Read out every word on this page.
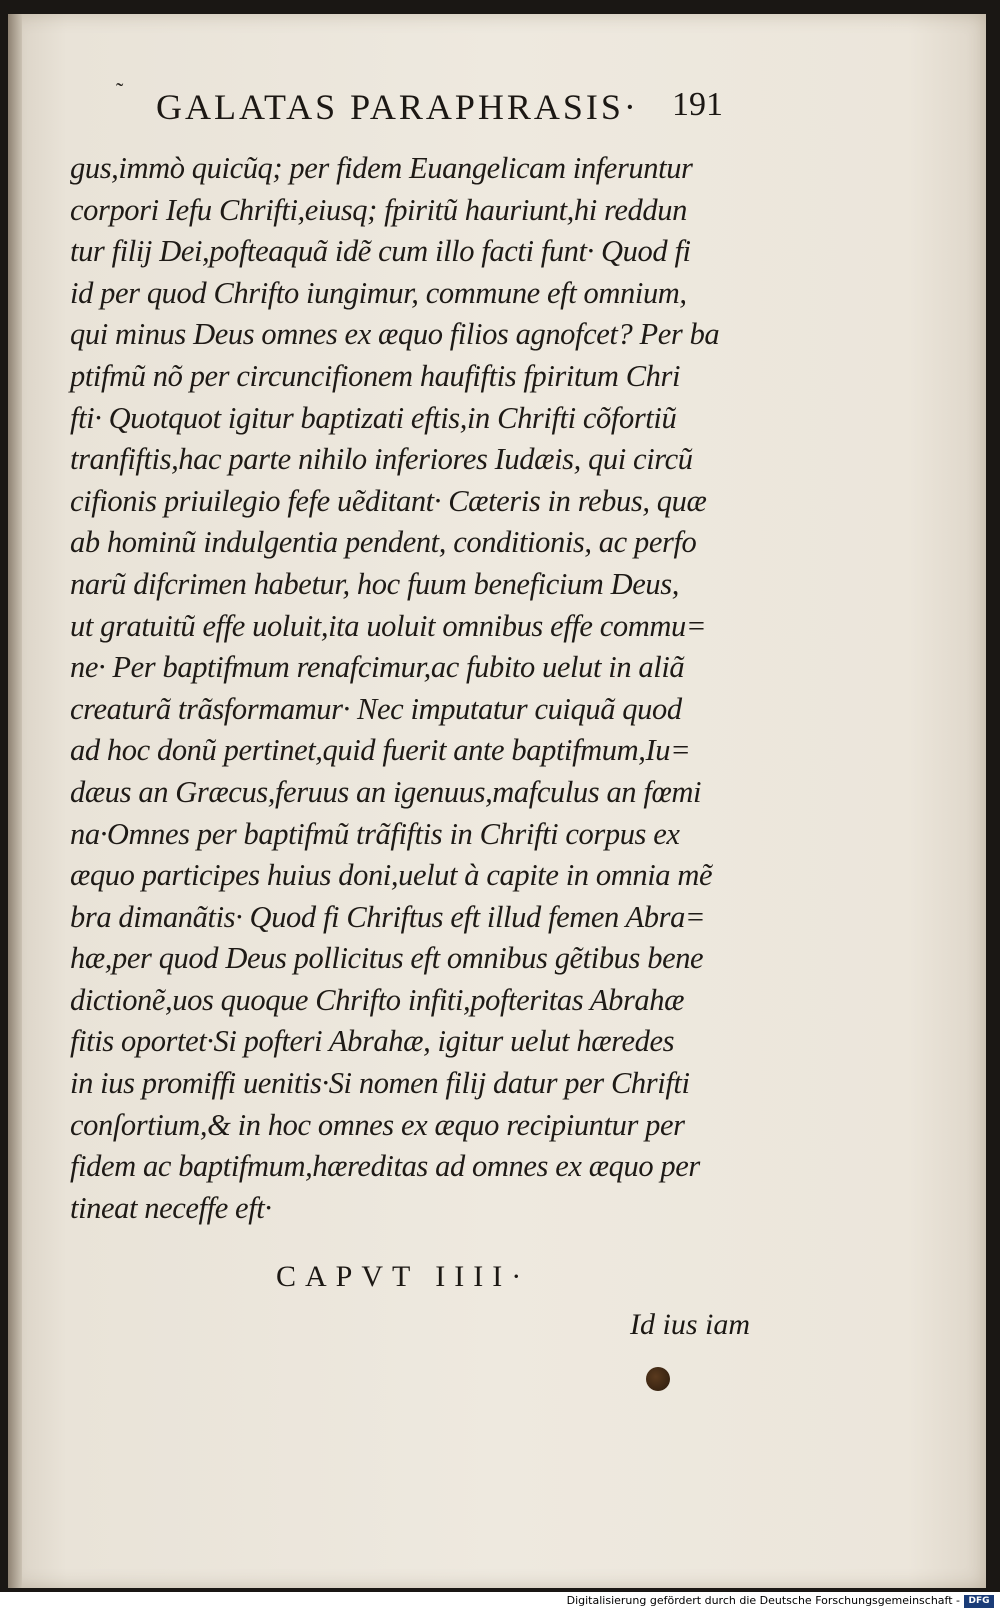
˜ GALATAS PARAPHRASIS· 191
gus,immò quicũq; per fidem Euangelicam inferuntur
corpori Iefu Chrifti,eiusq; fpiritũ hauriunt,hi reddun
tur filij Dei,pofteaquã idẽ cum illo facti funt· Quod fi
id per quod Chrifto iungimur, commune eft omnium,
qui minus Deus omnes ex æquo filios agnofcet? Per ba
ptifmũ nõ per circuncifionem haufiftis fpiritum Chri
fti· Quotquot igitur baptizati eftis,in Chrifti cõfortiũ
tranfiftis,hac parte nihilo inferiores Iudæis, qui circũ
cifionis priuilegio fefe uẽditant· Cæteris in rebus, quæ
ab hominũ indulgentia pendent, conditionis, ac perfo
narũ difcrimen habetur, hoc fuum beneficium Deus,
ut gratuitũ effe uoluit,ita uoluit omnibus effe commu=
ne· Per baptifmum renafcimur,ac fubito uelut in aliã
creaturã trãsformamur· Nec imputatur cuiquã quod
ad hoc donũ pertinet,quid fuerit ante baptifmum,Iu=
dæus an Græcus,feruus an igenuus,mafculus an fœmi
na·Omnes per baptifmũ trãfiftis in Chrifti corpus ex
æquo participes huius doni,uelut à capite in omnia mẽ
bra dimanãtis· Quod fi Chriftus eft illud femen Abra=
hæ,per quod Deus pollicitus eft omnibus gẽtibus bene
dictionẽ,uos quoque Chrifto infiti,pofteritas Abrahæ
fitis oportet·Si pofteri Abrahæ, igitur uelut hæredes
in ius promiffi uenitis·Si nomen filij datur per Chrifti
conſortium,& in hoc omnes ex æquo recipiuntur per
fidem ac baptifmum,hæreditas ad omnes ex æquo per
tineat neceffe eft·
CAPVT IIII·
Id ius iam
Digitalisierung gefördert durch die Deutsche Forschungsgemeinschaft - DFG
